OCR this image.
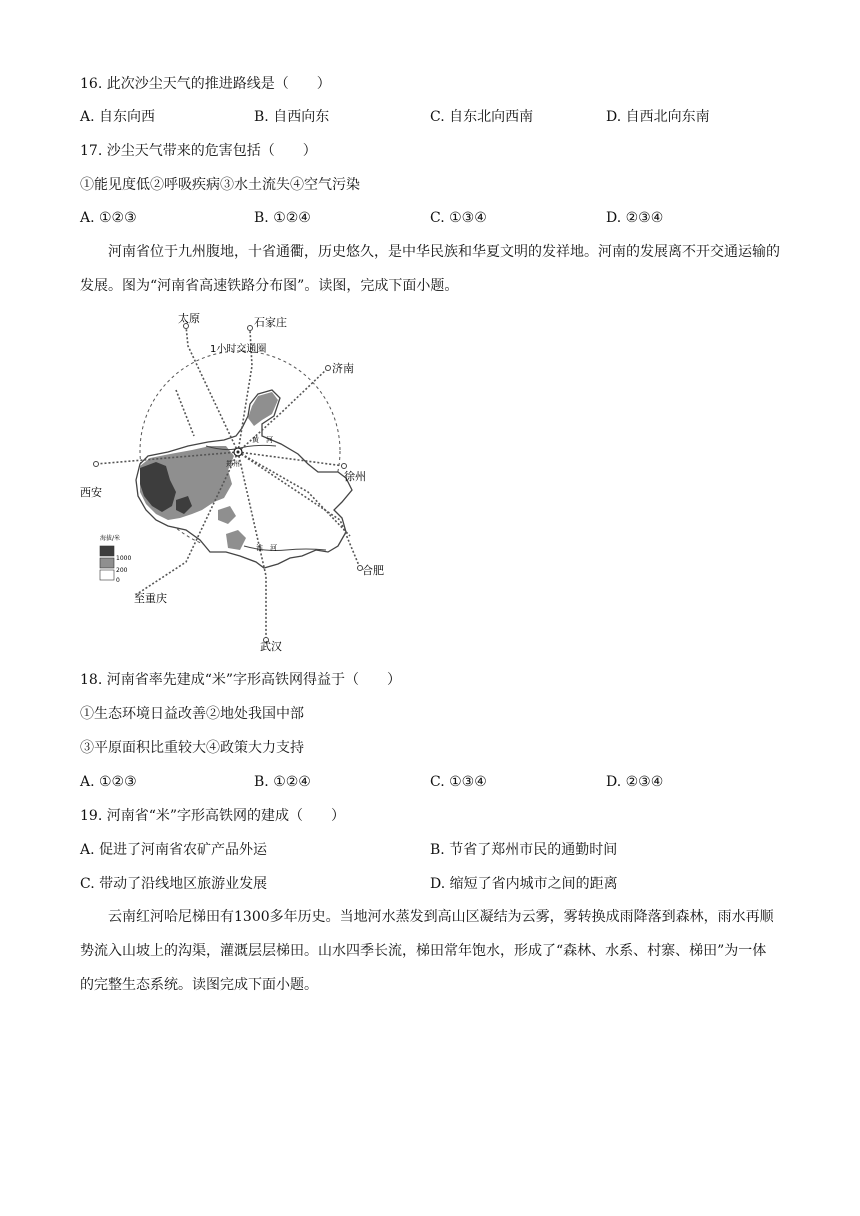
16. 此次沙尘天气的推进路线是（　　）
A. 自东向西	B. 自西向东	C. 自东北向西南	D. 自西北向东南
17. 沙尘天气带来的危害包括（　　）
①能见度低②呼吸疾病③水土流失④空气污染
A. ①②③	B. ①②④	C. ①③④	D. ②③④
河南省位于九州腹地，十省通衢，历史悠久，是中华民族和华夏文明的发祥地。河南的发展离不开交通运输的发展。图为“河南省高速铁路分布图”。读图，完成下面小题。
太原	石家庄
1小时交通圈
济南
徐州
西安
合肥
武汉
至重庆
郑州
黄　河
淮　河
海拔/米
1000
200
0
18. 河南省率先建成“米”字形高铁网得益于（　　）
①生态环境日益改善②地处我国中部
③平原面积比重较大④政策大力支持
A. ①②③	B. ①②④	C. ①③④	D. ②③④
19. 河南省“米”字形高铁网的建成（　　）
A. 促进了河南省农矿产品外运	B. 节省了郑州市民的通勤时间
C. 带动了沿线地区旅游业发展	D. 缩短了省内城市之间的距离
云南红河哈尼梯田有1300多年历史。当地河水蒸发到高山区凝结为云雾，雾转换成雨降落到森林，雨水再顺势流入山坡上的沟渠，灌溉层层梯田。山水四季长流，梯田常年饱水，形成了“森林、水系、村寨、梯田”为一体的完整生态系统。读图完成下面小题。
